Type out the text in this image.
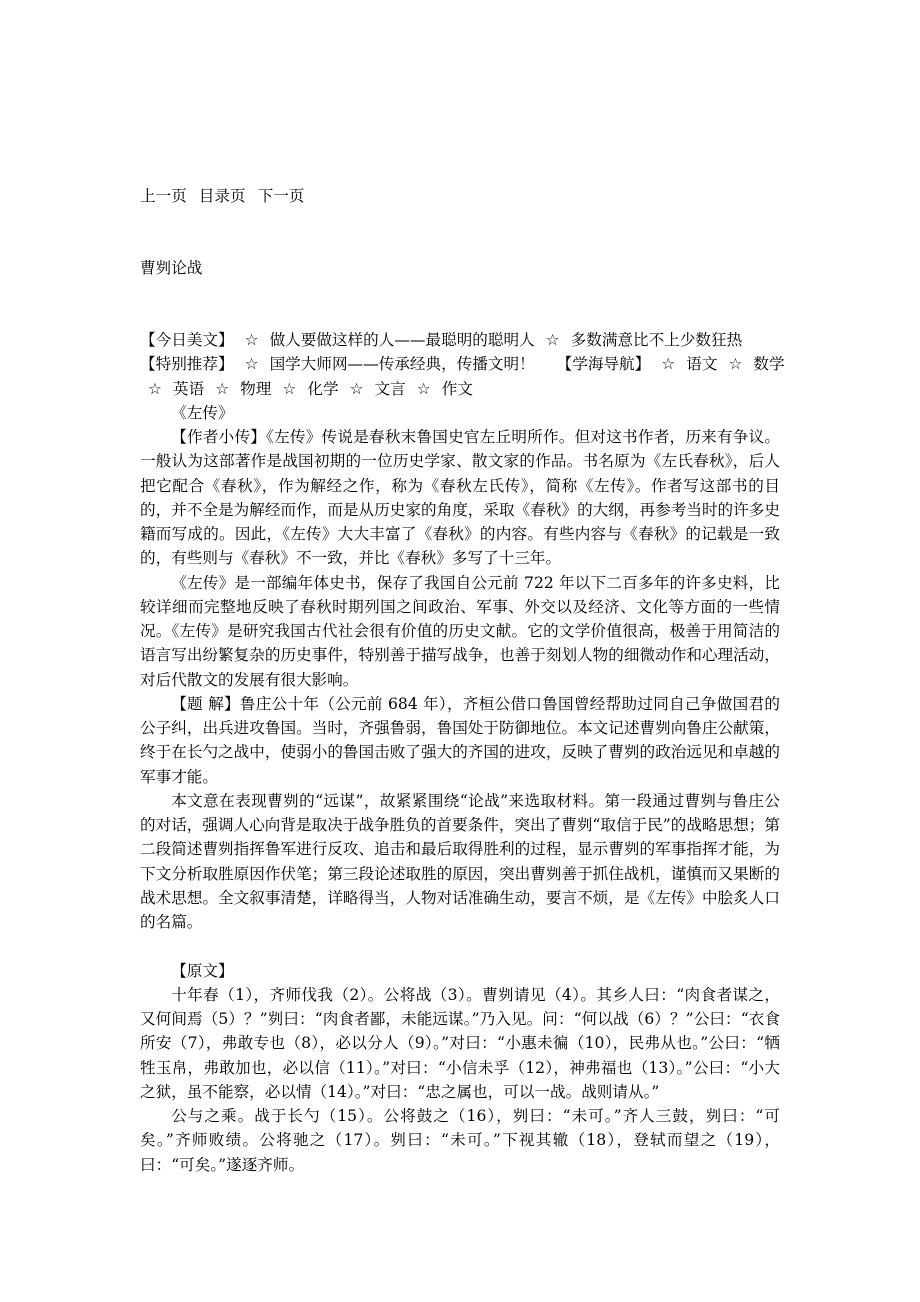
上一页 目录页 下一页
曹刿论战
【今日美文】 ☆ 做人要做这样的人——最聪明的聪明人 ☆ 多数满意比不上少数狂热
【特别推荐】 ☆ 国学大师网——传承经典，传播文明！ 【学海导航】 ☆ 语文 ☆ 数学
☆ 英语 ☆ 物理 ☆ 化学 ☆ 文言 ☆ 作文
《左传》

【作者小传】《左传》传说是春秋末鲁国史官左丘明所作。但对这书作者，历来有争议。一般认为这部著作是战国初期的一位历史学家、散文家的作品。书名原为《左氏春秋》，后人把它配合《春秋》，作为解经之作，称为《春秋左氏传》，简称《左传》。作者写这部书的目的，并不全是为解经而作，而是从历史家的角度，采取《春秋》的大纲，再参考当时的许多史籍而写成的。因此，《左传》大大丰富了《春秋》的内容。有些内容与《春秋》的记载是一致的，有些则与《春秋》不一致，并比《春秋》多写了十三年。

《左传》是一部编年体史书，保存了我国自公元前 722 年以下二百多年的许多史料，比较详细而完整地反映了春秋时期列国之间政治、军事、外交以及经济、文化等方面的一些情况。《左传》是研究我国古代社会很有价值的历史文献。它的文学价值很高，极善于用简洁的语言写出纷繁复杂的历史事件，特别善于描写战争，也善于刻划人物的细微动作和心理活动，对后代散文的发展有很大影响。

【题 解】鲁庄公十年（公元前 684 年），齐桓公借口鲁国曾经帮助过同自己争做国君的公子纠，出兵进攻鲁国。当时，齐强鲁弱，鲁国处于防御地位。本文记述曹刿向鲁庄公献策，终于在长勺之战中，使弱小的鲁国击败了强大的齐国的进攻，反映了曹刿的政治远见和卓越的军事才能。

本文意在表现曹刿的“远谋”，故紧紧围绕“论战”来选取材料。第一段通过曹刿与鲁庄公的对话，强调人心向背是取决于战争胜负的首要条件，突出了曹刿“取信于民”的战略思想；第二段简述曹刿指挥鲁军进行反攻、追击和最后取得胜利的过程，显示曹刿的军事指挥才能，为下文分析取胜原因作伏笔；第三段论述取胜的原因，突出曹刿善于抓住战机，谨慎而又果断的战术思想。全文叙事清楚，详略得当，人物对话准确生动，要言不烦，是《左传》中脍炙人口的名篇。

【原文】

十年春（1），齐师伐我（2）。公将战（3）。曹刿请见（4）。其乡人曰：“肉食者谋之，又何间焉（5）？”刿曰：“肉食者鄙，未能远谋。”乃入见。问：“何以战（6）？”公曰：“衣食所安（7），弗敢专也（8），必以分人（9）。”对曰：“小惠未徧（10），民弗从也。”公曰：“牺牲玉帛，弗敢加也，必以信（11）。”对曰：“小信未孚（12），神弗福也（13）。”公曰：“小大之狱，虽不能察，必以情（14）。”对曰：“忠之属也，可以一战。战则请从。”

公与之乘。战于长勺（15）。公将鼓之（16），刿曰：“未可。”齐人三鼓，刿曰：“可矣。”齐师败绩。公将驰之（17）。刿曰：“未可。”下视其辙（18），登轼而望之（19），曰：“可矣。”遂逐齐师。
